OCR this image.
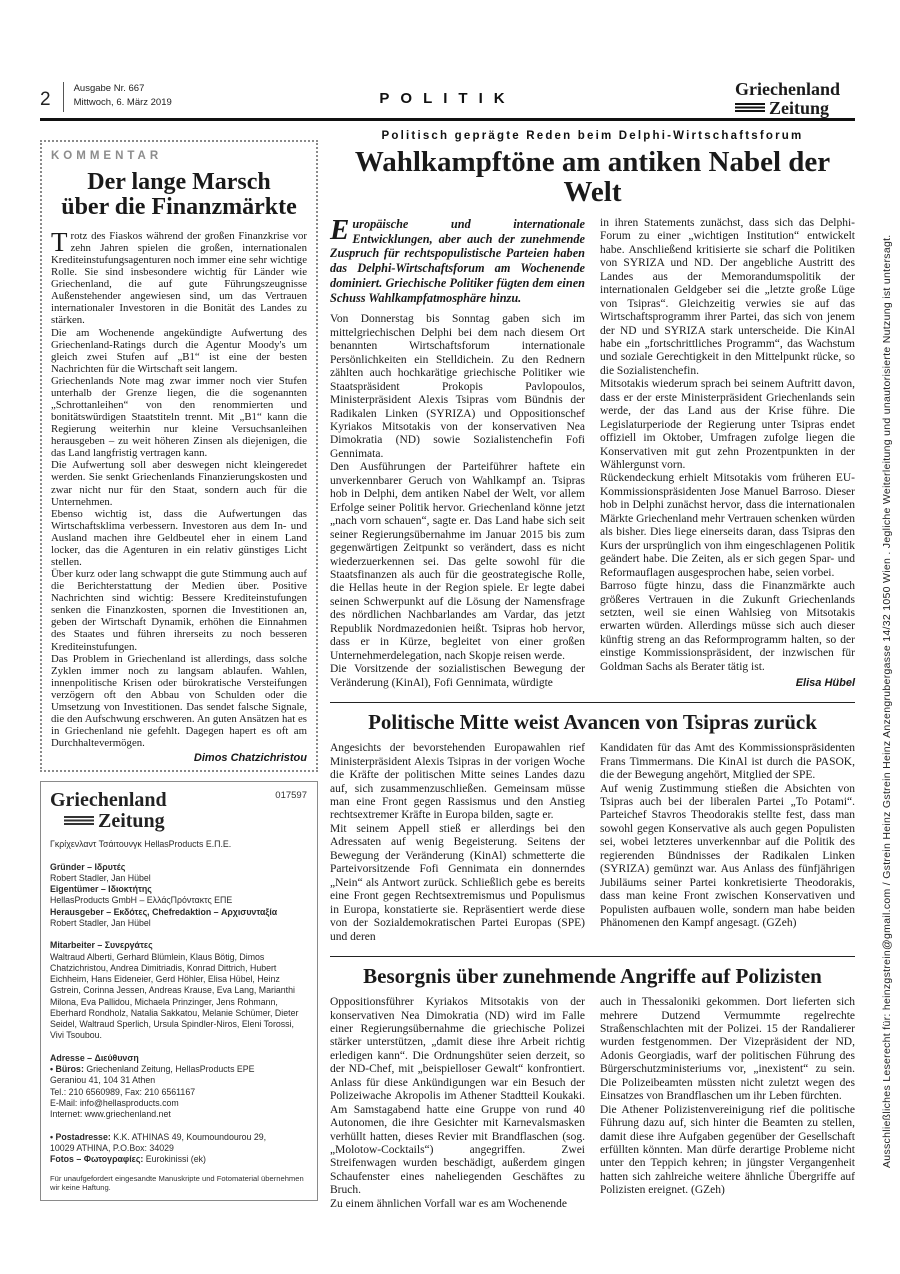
2
Ausgabe Nr. 667
Mittwoch, 6. März 2019	POLITIK	Griechenland
Zeitung
KOMMENTAR
Der lange Marsch
über die Finanzmärkte

Trotz des Fiaskos während der großen Finanzkrise vor zehn Jahren spielen die großen, internationalen Krediteinstufungsagenturen noch immer eine sehr wichtige Rolle. Sie sind insbesondere wichtig für Länder wie Griechenland, die auf gute Führungszeugnisse Außenstehender angewiesen sind, um das Vertrauen internationaler Investoren in die Bonität des Landes zu stärken.

Die am Wochenende angekündigte Aufwertung des Griechenland-Ratings durch die Agentur Moody's um gleich zwei Stufen auf „B1“ ist eine der besten Nachrichten für die Wirtschaft seit langem.

Griechenlands Note mag zwar immer noch vier Stufen unterhalb der Grenze liegen, die die sogenannten „Schrottanleihen“ von den renommierten und bonitätswürdigen Staatstiteln trennt. Mit „B1“ kann die Regierung weiterhin nur kleine Versuchsanleihen herausgeben – zu weit höheren Zinsen als diejenigen, die das Land langfristig vertragen kann.

Die Aufwertung soll aber deswegen nicht kleingeredet werden. Sie senkt Griechenlands Finanzierungskosten und zwar nicht nur für den Staat, sondern auch für die Unternehmen.

Ebenso wichtig ist, dass die Aufwertungen das Wirtschaftsklima verbessern. Investoren aus dem In- und Ausland machen ihre Geldbeutel eher in einem Land locker, das die Agenturen in ein relativ günstiges Licht stellen.

Über kurz oder lang schwappt die gute Stimmung auch auf die Berichterstattung der Medien über. Positive Nachrichten sind wichtig: Bessere Krediteinstufungen senken die Finanzkosten, spornen die Investitionen an, geben der Wirtschaft Dynamik, erhöhen die Einnahmen des Staates und führen ihrerseits zu noch besseren Krediteinstufungen.

Das Problem in Griechenland ist allerdings, dass solche Zyklen immer noch zu langsam ablaufen. Wahlen, innenpolitische Krisen oder bürokratische Versteifungen verzögern oft den Abbau von Schulden oder die Umsetzung von Investitionen. Das sendet falsche Signale, die den Aufschwung erschweren. An guten Ansätzen hat es in Griechenland nie gefehlt. Dagegen hapert es oft am Durchhaltevermögen.

Dimos Chatzichristou
Griechenland
Zeitung
017597
Γκρίχενλαντ Τσάιτουνγκ HellasProducts Ε.Π.Ε.

Gründer – Ιδρυτές
Robert Stadler, Jan Hübel
Eigentümer – Ιδιοκτήτης
HellasProducts GmbH – ΕλλάςΠρόντακτς ΕΠΕ
Herausgeber – Εκδότες, Chefredaktion – Αρχισυνταξία
Robert Stadler, Jan Hübel

Mitarbeiter – Συνεργάτες
Waltraud Alberti, Gerhard Blümlein, Klaus Bötig, Dimos Chatzichristou, Andrea Dimitriadis, Konrad Dittrich, Hubert Eichheim, Hans Eideneier, Gerd Höhler, Elisa Hübel, Heinz Gstrein, Corinna Jessen, Andreas Krause, Eva Lang, Marianthi Milona, Eva Pallidou, Michaela Prinzinger, Jens Rohmann, Eberhard Rondholz, Natalia Sakkatou, Melanie Schümer, Dieter Seidel, Waltraud Sperlich, Ursula Spindler-Niros, Eleni Torossi, Vivi Tsoubou.

Adresse – Διεύθυνση
• Büros: Griechenland Zeitung, HellasProducts EPE
Geraniou 41, 104 31 Athen
Tel.: 210 6560989, Fax: 210 6561167
E-Mail: info@hellasproducts.com
Internet: www.griechenland.net

• Postadresse: K.K. ATHINAS 49, Koumoundourou 29,
10029 ATHINA, P.O.Box: 34029
Fotos – Φωτογραφίες: Eurokinissi (ek)
Für unaufgefordert eingesandte Manuskripte und Fotomaterial übernehmen wir keine Haftung.
Politisch geprägte Reden beim Delphi-Wirtschaftsforum
Wahlkampftöne am antiken Nabel der Welt

Europäische und internationale Entwicklungen, aber auch der zunehmende Zuspruch für rechtspopulistische Parteien haben das Delphi-Wirtschaftsforum am Wochenende dominiert. Griechische Politiker fügten dem einen Schuss Wahlkampfatmosphäre hinzu.

Von Donnerstag bis Sonntag gaben sich im mittelgriechischen Delphi bei dem nach diesem Ort benannten Wirtschaftsforum internationale Persönlichkeiten ein Stelldichein. Zu den Rednern zählten auch hochkarätige griechische Politiker wie Staatspräsident Prokopis Pavlopoulos, Ministerpräsident Alexis Tsipras vom Bündnis der Radikalen Linken (SYRIZA) und Oppositionschef Kyriakos Mitsotakis von der konservativen Nea Dimokratia (ND) sowie Sozialistenchefin Fofi Gennimata.

Den Ausführungen der Parteiführer haftete ein unverkennbarer Geruch von Wahlkampf an. Tsipras hob in Delphi, dem antiken Nabel der Welt, vor allem Erfolge seiner Politik hervor. Griechenland könne jetzt „nach vorn schauen“, sagte er. Das Land habe sich seit seiner Regierungsübernahme im Januar 2015 bis zum gegenwärtigen Zeitpunkt so verändert, dass es nicht wiederzuerkennen sei. Das gelte sowohl für die Staatsfinanzen als auch für die geostrategische Rolle, die Hellas heute in der Region spiele. Er legte dabei seinen Schwerpunkt auf die Lösung der Namensfrage des nördlichen Nachbarlandes am Vardar, das jetzt Republik Nordmazedonien heißt. Tsipras hob hervor, dass er in Kürze, begleitet von einer großen Unternehmerdelegation, nach Skopje reisen werde.

Die Vorsitzende der sozialistischen Bewegung der Veränderung (KinAl), Fofi Gennimata, würdigte

in ihren Statements zunächst, dass sich das Delphi-Forum zu einer „wichtigen Institution“ entwickelt habe. Anschließend kritisierte sie scharf die Politiken von SYRIZA und ND. Der angebliche Austritt des Landes aus der Memorandumspolitik der internationalen Geldgeber sei die „letzte große Lüge von Tsipras“. Gleichzeitig verwies sie auf das Wirtschaftsprogramm ihrer Partei, das sich von jenem der ND und SYRIZA stark unterscheide. Die KinAl habe ein „fortschrittliches Programm“, das Wachstum und soziale Gerechtigkeit in den Mittelpunkt rücke, so die Sozialistenchefin.

Mitsotakis wiederum sprach bei seinem Auftritt davon, dass er der erste Ministerpräsident Griechenlands sein werde, der das Land aus der Krise führe. Die Legislaturperiode der Regierung unter Tsipras endet offiziell im Oktober, Umfragen zufolge liegen die Konservativen mit gut zehn Prozentpunkten in der Wählergunst vorn.

Rückendeckung erhielt Mitsotakis vom früheren EU-Kommissionspräsidenten Jose Manuel Barroso. Dieser hob in Delphi zunächst hervor, dass die internationalen Märkte Griechenland mehr Vertrauen schenken würden als bisher. Dies liege einerseits daran, dass Tsipras den Kurs der ursprünglich von ihm eingeschlagenen Politik geändert habe. Die Zeiten, als er sich gegen Spar- und Reformauflagen ausgesprochen habe, seien vorbei.

Barroso fügte hinzu, dass die Finanzmärkte auch größeres Vertrauen in die Zukunft Griechenlands setzten, weil sie einen Wahlsieg von Mitsotakis erwarten würden. Allerdings müsse sich auch dieser künftig streng an das Reformprogramm halten, so der einstige Kommissionspräsident, der inzwischen für Goldman Sachs als Berater tätig ist.

Elisa Hübel
Politische Mitte weist Avancen von Tsipras zurück

Angesichts der bevorstehenden Europawahlen rief Ministerpräsident Alexis Tsipras in der vorigen Woche die Kräfte der politischen Mitte seines Landes dazu auf, sich zusammenzuschließen. Gemeinsam müsse man eine Front gegen Rassismus und den Anstieg rechtsextremer Kräfte in Europa bilden, sagte er.

Mit seinem Appell stieß er allerdings bei den Adressaten auf wenig Begeisterung. Seitens der Bewegung der Veränderung (KinAl) schmetterte die Parteivorsitzende Fofi Gennimata ein donnerndes „Nein“ als Antwort zurück. Schließlich gebe es bereits eine Front gegen Rechtsextremismus und Populismus in Europa, konstatierte sie. Repräsentiert werde diese von der Sozialdemokratischen Partei Europas (SPE) und deren

Kandidaten für das Amt des Kommissionspräsidenten Frans Timmermans. Die KinAl ist durch die PASOK, die der Bewegung angehört, Mitglied der SPE.

Auf wenig Zustimmung stießen die Absichten von Tsipras auch bei der liberalen Partei „To Potami“. Parteichef Stavros Theodorakis stellte fest, dass man sowohl gegen Konservative als auch gegen Populisten sei, wobei letzteres unverkennbar auf die Politik des regierenden Bündnisses der Radikalen Linken (SYRIZA) gemünzt war. Aus Anlass des fünfjährigen Jubiläums seiner Partei konkretisierte Theodorakis, dass man keine Front zwischen Konservativen und Populisten aufbauen wolle, sondern man habe beiden Phänomenen den Kampf angesagt. (GZeh)

Besorgnis über zunehmende Angriffe auf Polizisten

Oppositionsführer Kyriakos Mitsotakis von der konservativen Nea Dimokratia (ND) wird im Falle einer Regierungsübernahme die griechische Polizei stärker unterstützen, „damit diese ihre Arbeit richtig erledigen kann“. Die Ordnungshüter seien derzeit, so der ND-Chef, mit „beispielloser Gewalt“ konfrontiert. Anlass für diese Ankündigungen war ein Besuch der Polizeiwache Akropolis im Athener Stadtteil Koukaki. Am Samstagabend hatte eine Gruppe von rund 40 Autonomen, die ihre Gesichter mit Karnevalsmasken verhüllt hatten, dieses Revier mit Brandflaschen (sog. „Molotow-Cocktails“) angegriffen. Zwei Streifenwagen wurden beschädigt, außerdem gingen Schaufenster eines naheliegenden Geschäftes zu Bruch.

Zu einem ähnlichen Vorfall war es am Wochenende

auch in Thessaloniki gekommen. Dort lieferten sich mehrere Dutzend Vermummte regelrechte Straßenschlachten mit der Polizei. 15 der Randalierer wurden festgenommen. Der Vizepräsident der ND, Adonis Georgiadis, warf der politischen Führung des Bürgerschutzministeriums vor, „inexistent“ zu sein. Die Polizeibeamten müssten nicht zuletzt wegen des Einsatzes von Brandflaschen um ihr Leben fürchten.

Die Athener Polizistenvereinigung rief die politische Führung dazu auf, sich hinter die Beamten zu stellen, damit diese ihre Aufgaben gegenüber der Gesellschaft erfüllten könnten. Man dürfe derartige Probleme nicht unter den Teppich kehren; in jüngster Vergangenheit hatten sich zahlreiche weitere ähnliche Übergriffe auf Polizisten ereignet. (GZeh)

Ausschließliches Leserecht für: heinzgstrein@gmail.com / Gstrein Heinz Gstrein Heinz Anzengrubergasse 14/32 1050 Wien . Jegliche Weiterleitung und unautorisierte Nutzung ist untersagt.
